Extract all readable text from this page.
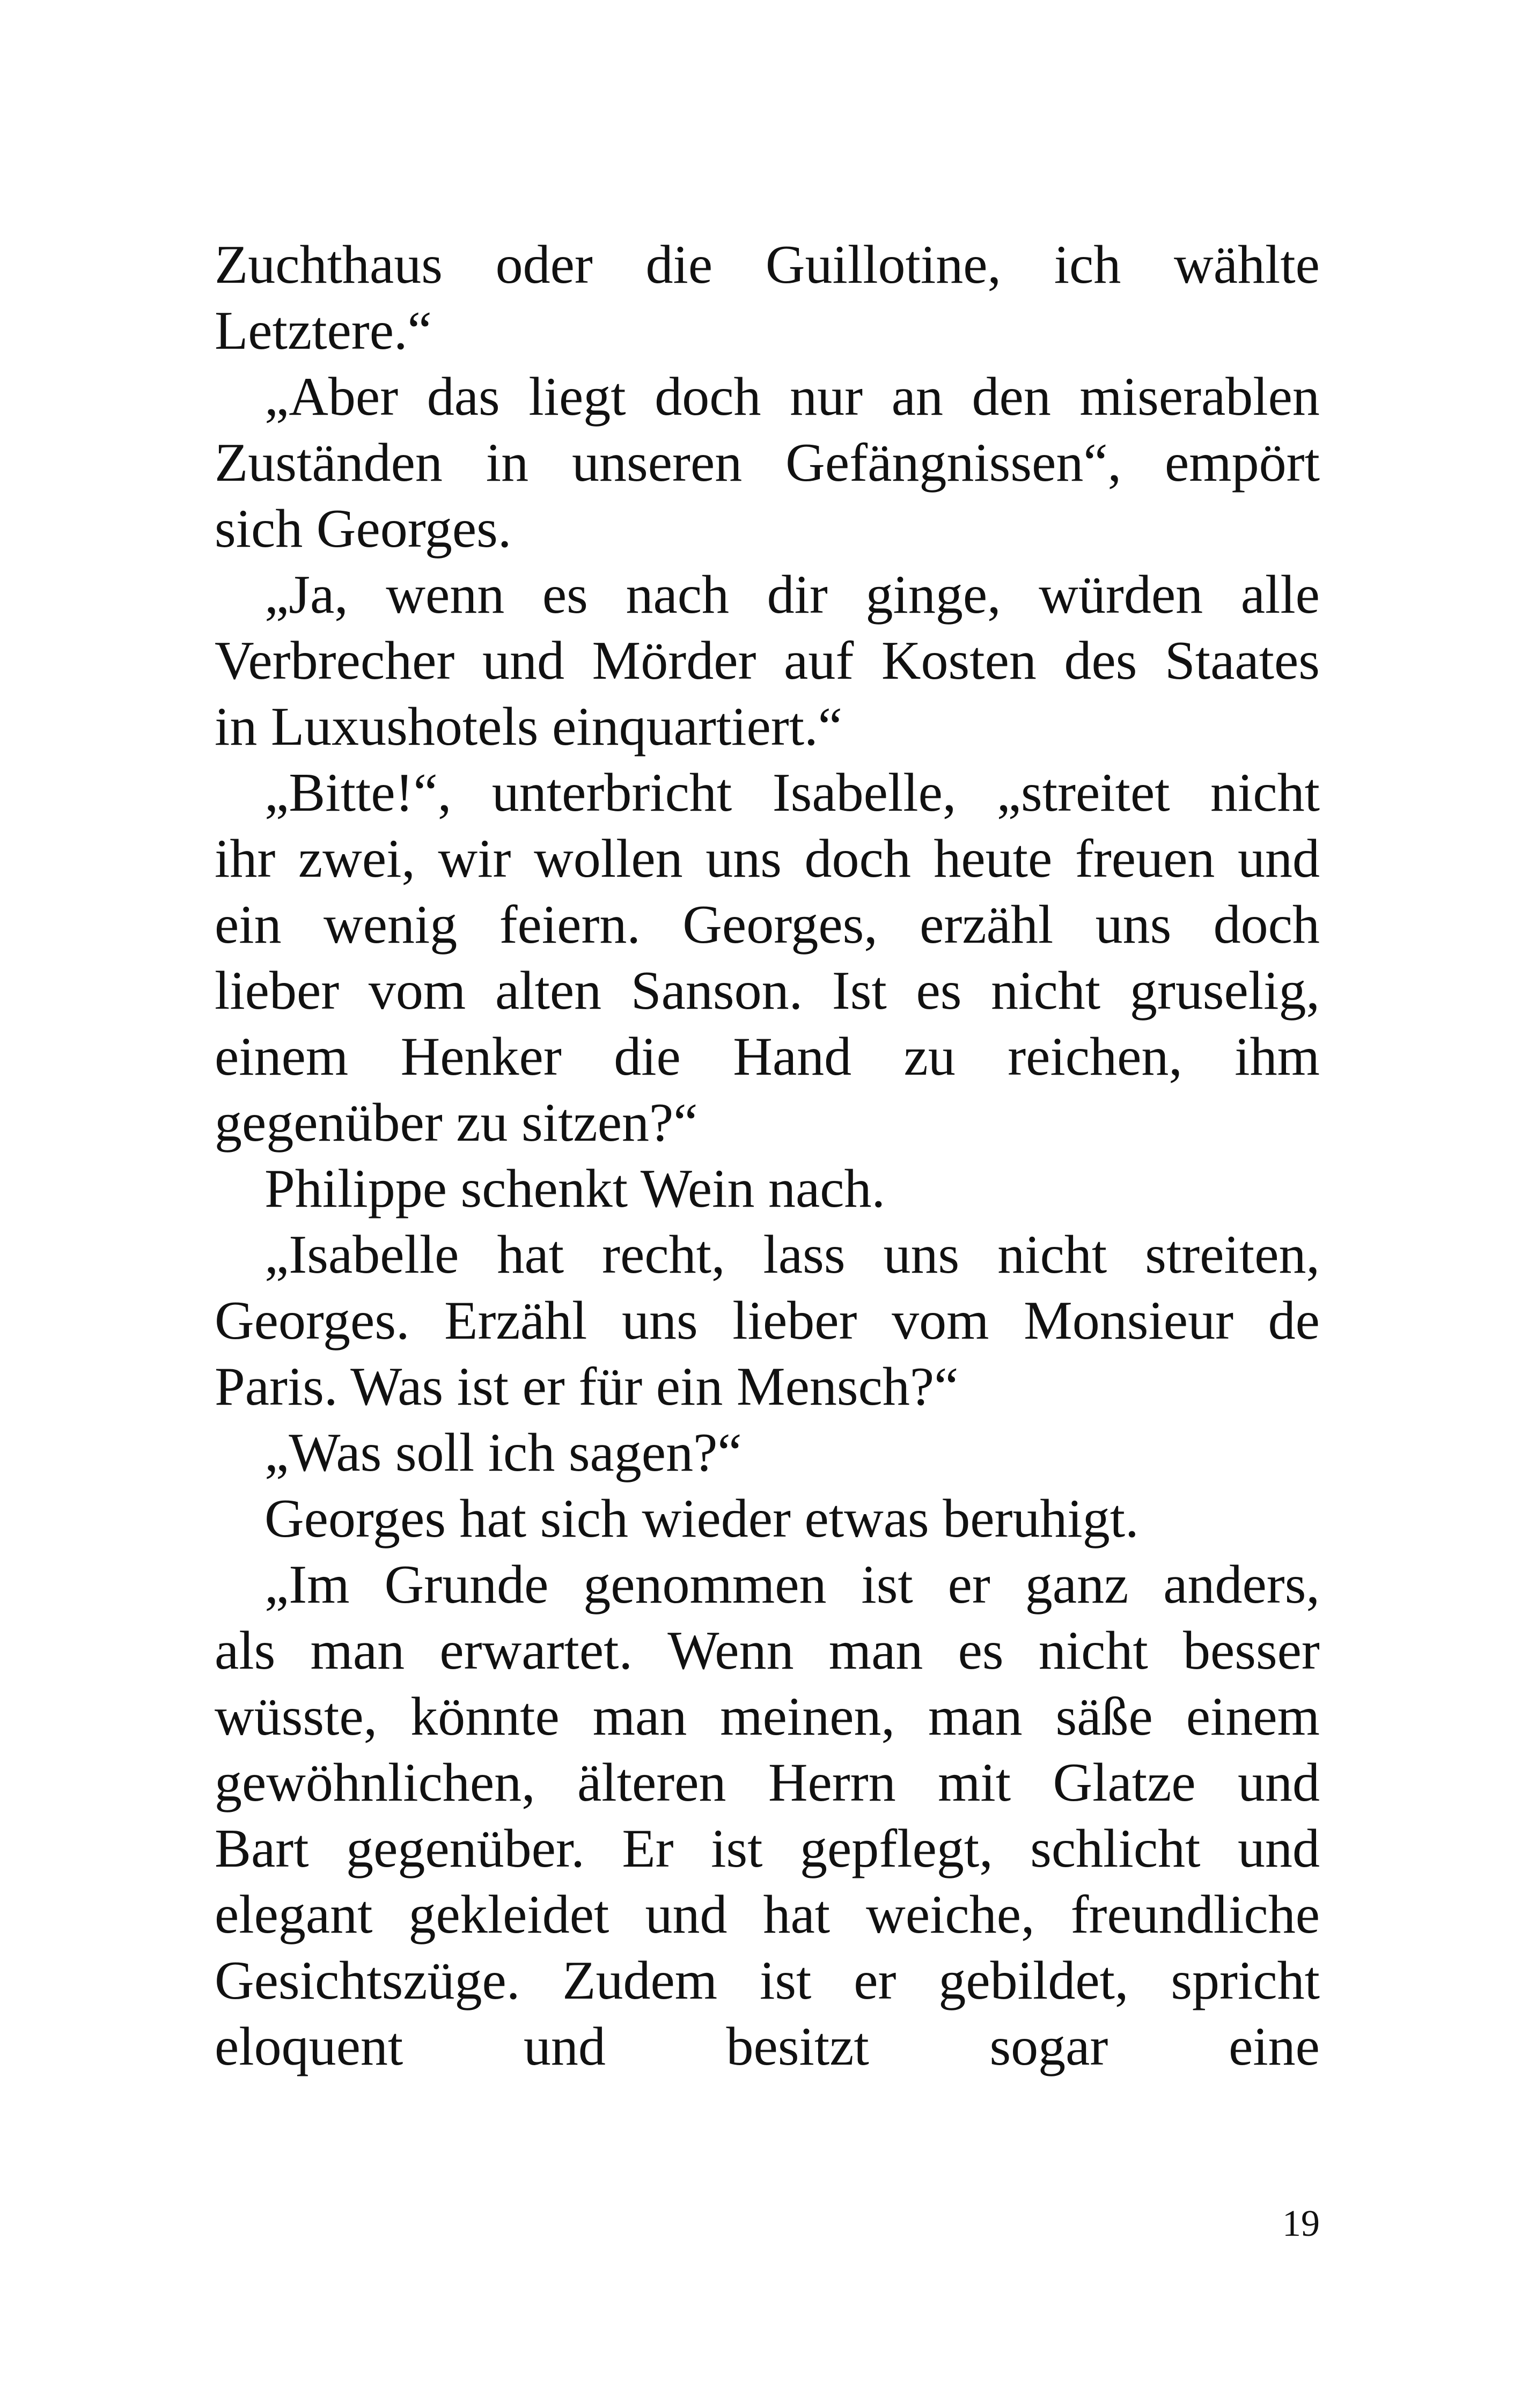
Zuchthaus oder die Guillotine, ich wählte
Letztere.“
„Aber das liegt doch nur an den miserablen
Zuständen in unseren Gefängnissen“, empört
sich Georges.
„Ja, wenn es nach dir ginge, würden alle
Verbrecher und Mörder auf Kosten des Staates
in Luxushotels einquartiert.“
„Bitte!“, unterbricht Isabelle, „streitet nicht
ihr zwei, wir wollen uns doch heute freuen und
ein wenig feiern. Georges, erzähl uns doch
lieber vom alten Sanson. Ist es nicht gruselig,
einem Henker die Hand zu reichen, ihm
gegenüber zu sitzen?“
Philippe schenkt Wein nach.
„Isabelle hat recht, lass uns nicht streiten,
Georges. Erzähl uns lieber vom Monsieur de
Paris. Was ist er für ein Mensch?“
„Was soll ich sagen?“
Georges hat sich wieder etwas beruhigt.
„Im Grunde genommen ist er ganz anders,
als man erwartet. Wenn man es nicht besser
wüsste, könnte man meinen, man säße einem
gewöhnlichen, älteren Herrn mit Glatze und
Bart gegenüber. Er ist gepflegt, schlicht und
elegant gekleidet und hat weiche, freundliche
Gesichtszüge. Zudem ist er gebildet, spricht
eloquent und besitzt sogar eine
19
